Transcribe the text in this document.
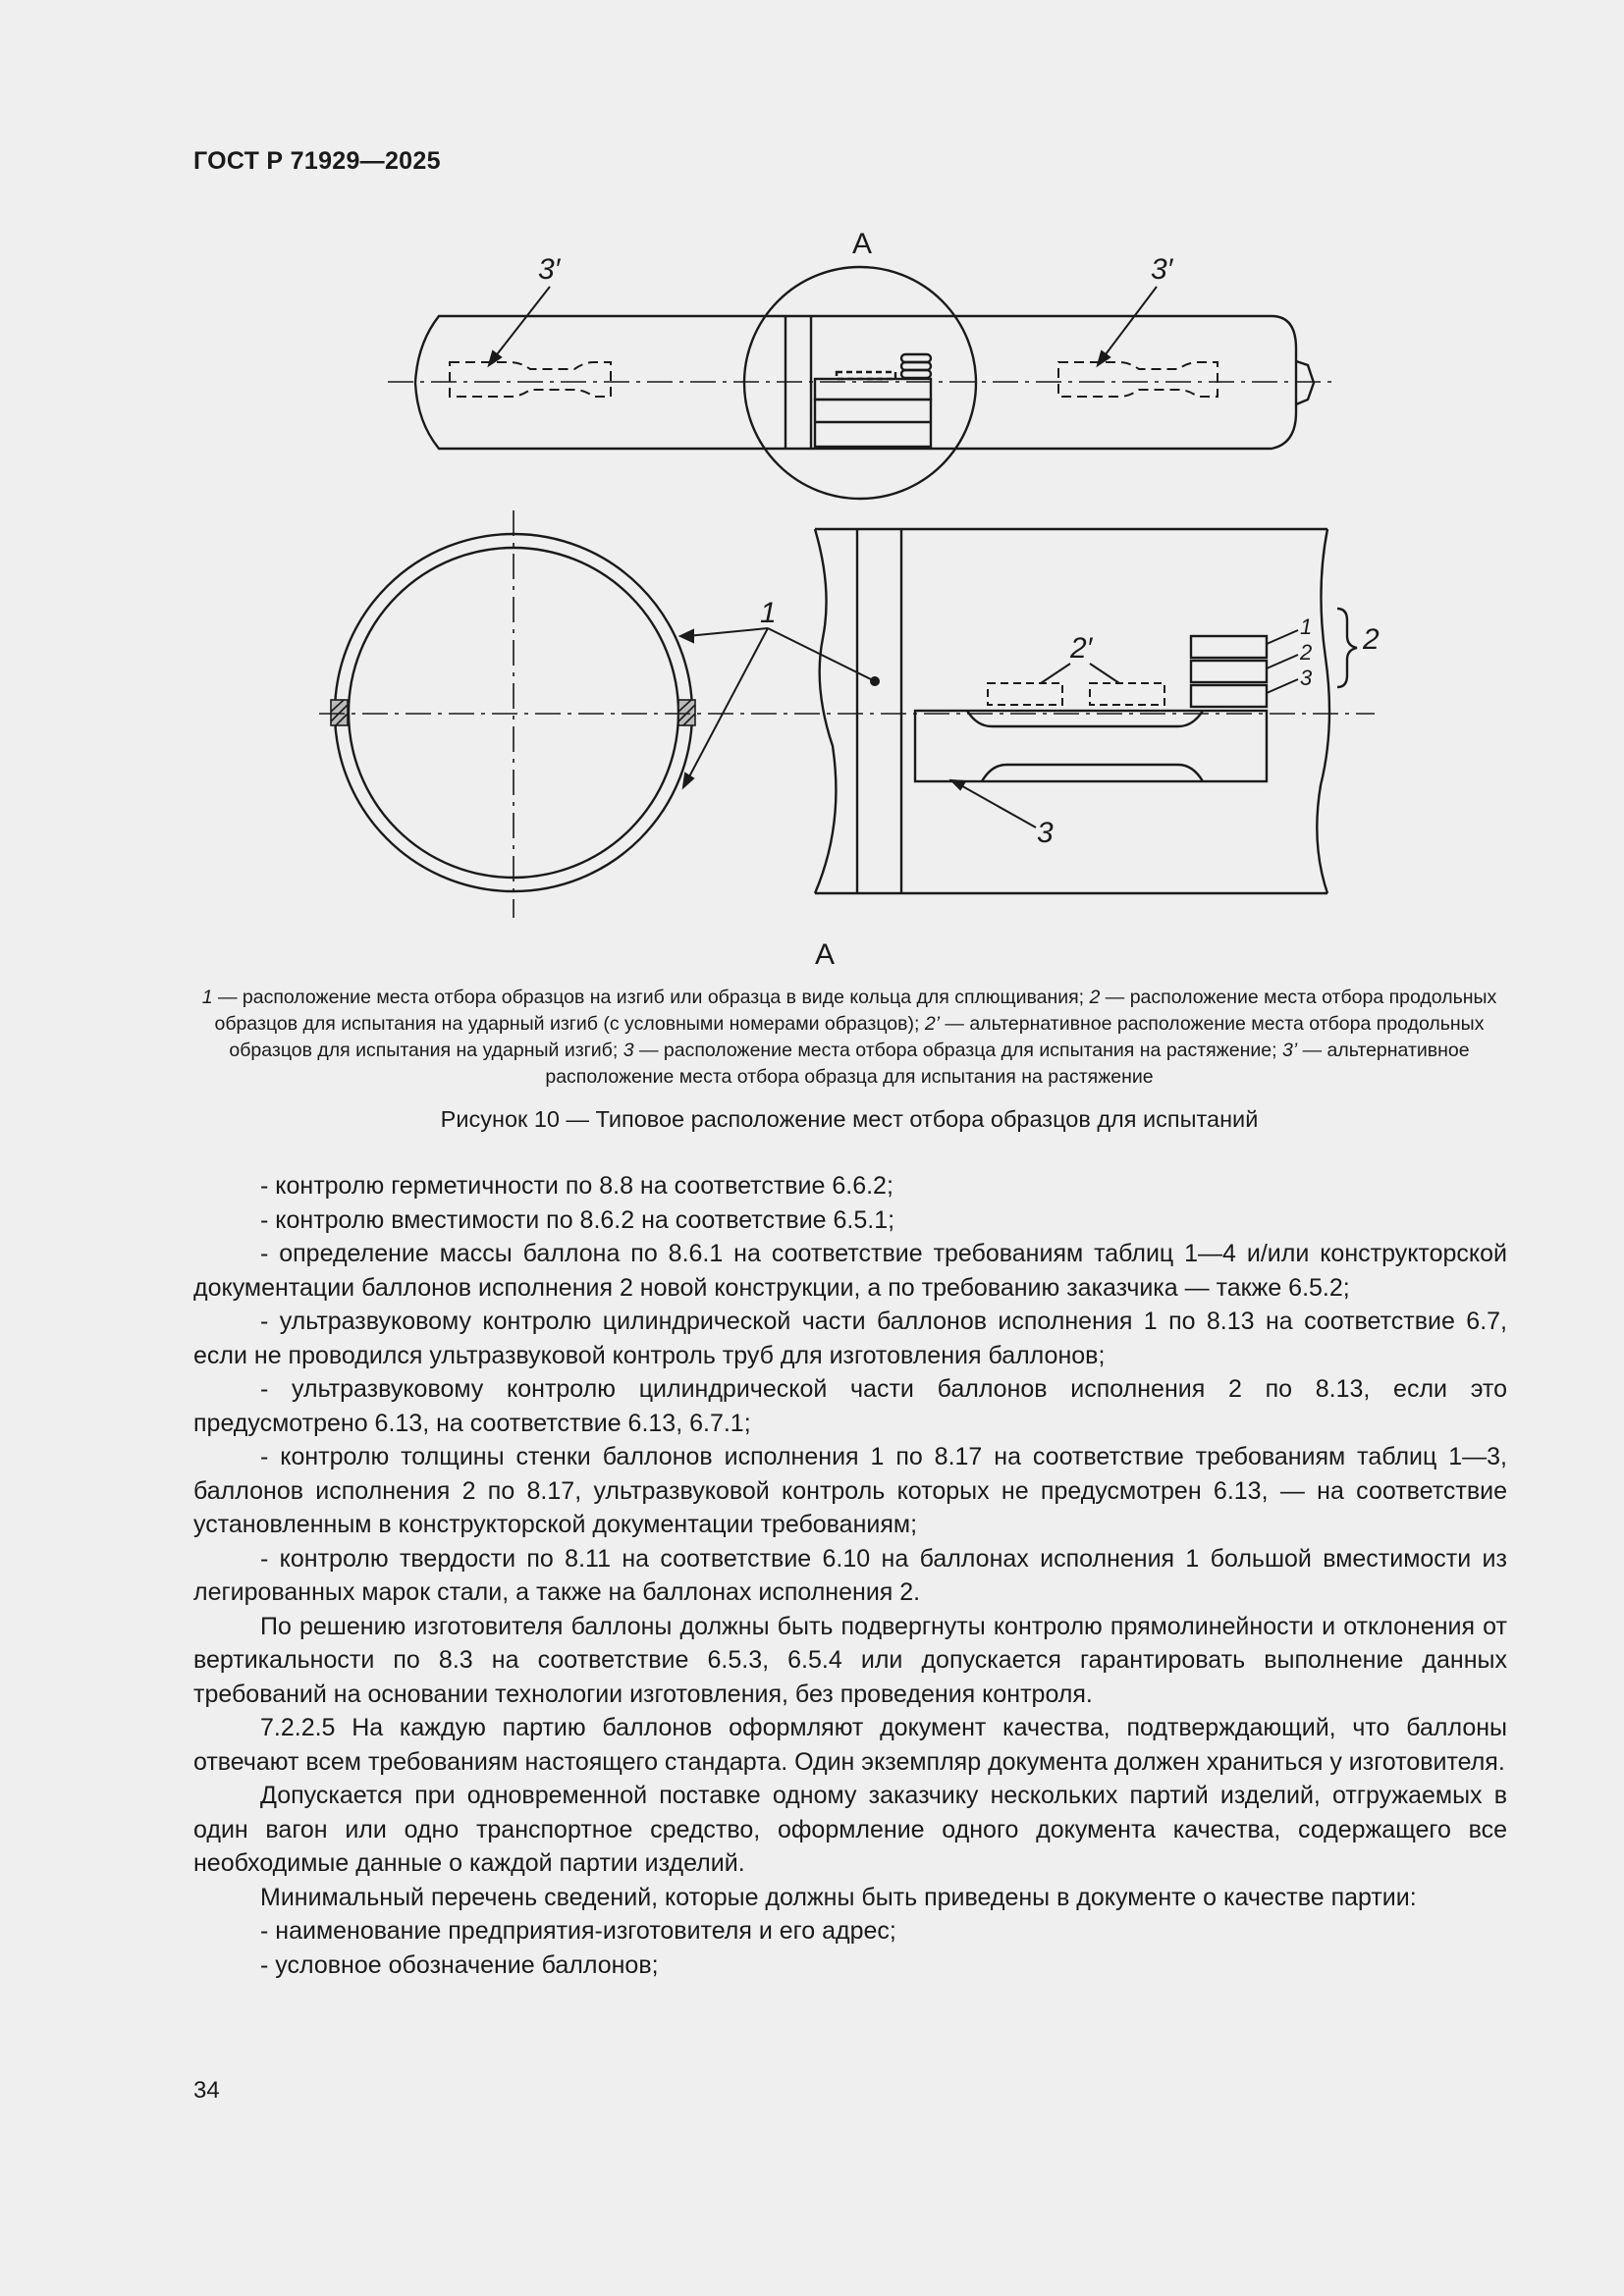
ГОСТ Р 71929—2025
А
3′	3′
1
2′	2
3
1
2
3
А
1 — расположение места отбора образцов на изгиб или образца в виде кольца для сплющивания; 2 — расположение места отбора продольных образцов для испытания на ударный изгиб (с условными номерами образцов); 2’ — альтернативное расположение места отбора продольных образцов для испытания на ударный изгиб; 3 — расположение места отбора образца для испытания на растяжение; 3’ — альтернативное расположение места отбора образца для испытания на растяжение
Рисунок 10 — Типовое расположение мест отбора образцов для испытаний

- контролю герметичности по 8.8 на соответствие 6.6.2;

- контролю вместимости по 8.6.2 на соответствие 6.5.1;

- определение массы баллона по 8.6.1 на соответствие требованиям таблиц 1—4 и/или конструкторской документации баллонов исполнения 2 новой конструкции, а по требованию заказчика — также 6.5.2;

- ультразвуковому контролю цилиндрической части баллонов исполнения 1 по 8.13 на соответствие 6.7, если не проводился ультразвуковой контроль труб для изготовления баллонов;

- ультразвуковому контролю цилиндрической части баллонов исполнения 2 по 8.13, если это предусмотрено 6.13, на соответствие 6.13, 6.7.1;

- контролю толщины стенки баллонов исполнения 1 по 8.17 на соответствие требованиям таблиц 1—3, баллонов исполнения 2 по 8.17, ультразвуковой контроль которых не предусмотрен 6.13, — на соответствие установленным в конструкторской документации требованиям;

- контролю твердости по 8.11 на соответствие 6.10 на баллонах исполнения 1 большой вместимости из легированных марок стали, а также на баллонах исполнения 2.

По решению изготовителя баллоны должны быть подвергнуты контролю прямолинейности и отклонения от вертикальности по 8.3 на соответствие 6.5.3, 6.5.4 или допускается гарантировать выполнение данных требований на основании технологии изготовления, без проведения контроля.

7.2.2.5 На каждую партию баллонов оформляют документ качества, подтверждающий, что баллоны отвечают всем требованиям настоящего стандарта. Один экземпляр документа должен храниться у изготовителя.

Допускается при одновременной поставке одному заказчику нескольких партий изделий, отгружаемых в один вагон или одно транспортное средство, оформление одного документа качества, содержащего все необходимые данные о каждой партии изделий.

Минимальный перечень сведений, которые должны быть приведены в документе о качестве партии:

- наименование предприятия-изготовителя и его адрес;

- условное обозначение баллонов;

34
